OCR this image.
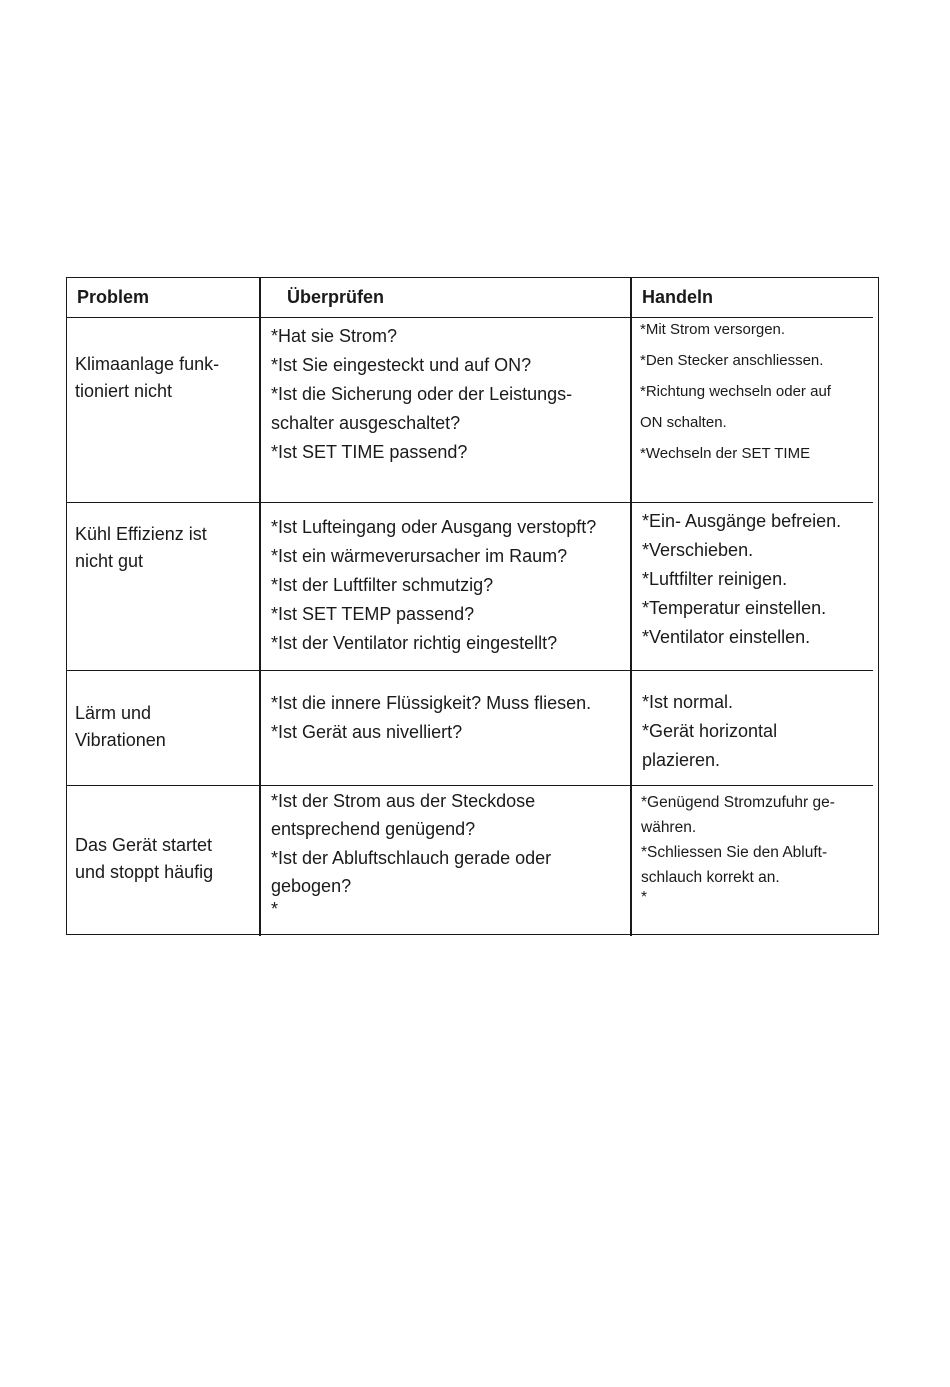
Problem	Überprüfen	Handeln
Klimaanlage funk-
tioniert nicht
*Hat sie Strom?
*Ist Sie eingesteckt und auf ON?
*Ist die Sicherung oder der Leistungs-
schalter ausgeschaltet?
*Ist SET TIME passend?
*Mit Strom versorgen.
*Den Stecker anschliessen.
*Richtung wechseln oder auf
ON schalten.
*Wechseln der SET TIME
Kühl Effizienz ist
nicht gut
*Ist Lufteingang oder Ausgang verstopft?
*Ist ein wärmeverursacher im Raum?
*Ist der Luftfilter schmutzig?
*Ist SET TEMP passend?
*Ist der Ventilator richtig eingestellt?
*Ein- Ausgänge befreien.
*Verschieben.
*Luftfilter reinigen.
*Temperatur einstellen.
*Ventilator einstellen.
Lärm und
Vibrationen
*Ist die innere Flüssigkeit? Muss fliesen.
*Ist Gerät aus nivelliert?
*Ist normal.
*Gerät horizontal
plazieren.
Das Gerät startet
und stoppt häufig
*Ist der Strom aus der Steckdose
entsprechend genügend?
*Ist der Abluftschlauch gerade oder
gebogen?
*
*Genügend Stromzufuhr ge-
währen.
*Schliessen Sie den Abluft-
schlauch korrekt an.
*
